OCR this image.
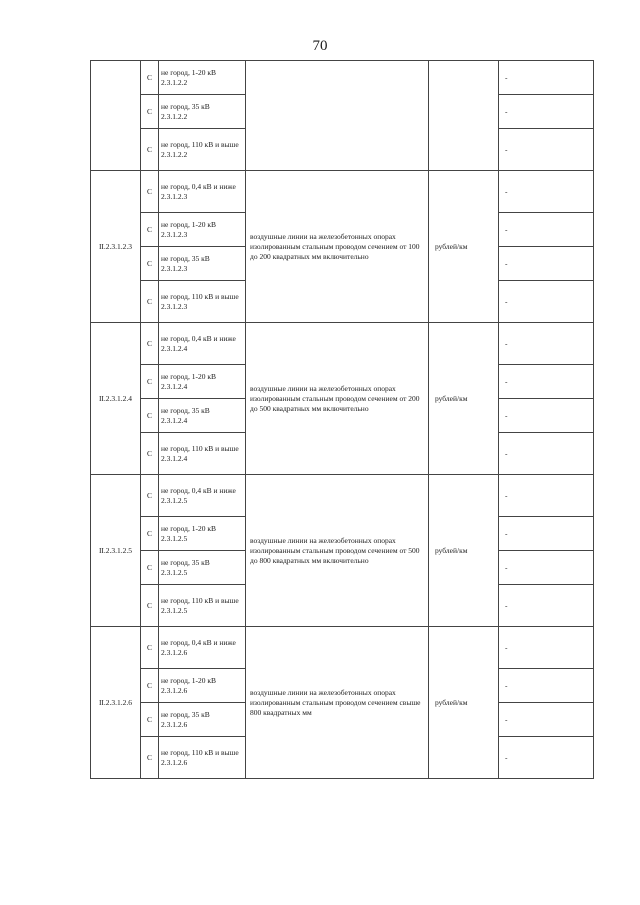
70
	С	не город, 1-20 кВ
2.3.1.2.2			-
	С	не город, 35 кВ
2.3.1.2.2			-
	С	не город, 110 кВ и выше
2.3.1.2.2			-
II.2.3.1.2.3	С	не город, 0,4 кВ и ниже
2.3.1.2.3	воздушные линии на железобетонных опорах изолированным стальным проводом сечением от 100 до 200 квадратных мм включительно	рублей/км	-
	С	не город, 1-20 кВ
2.3.1.2.3			-
	С	не город, 35 кВ
2.3.1.2.3			-
	С	не город, 110 кВ и выше
2.3.1.2.3			-
II.2.3.1.2.4	С	не город, 0,4 кВ и ниже
2.3.1.2.4	воздушные линии на железобетонных опорах изолированным стальным проводом сечением от 200 до 500 квадратных мм включительно	рублей/км	-
	С	не город, 1-20 кВ
2.3.1.2.4			-
	С	не город, 35 кВ
2.3.1.2.4			-
	С	не город, 110 кВ и выше
2.3.1.2.4			-
II.2.3.1.2.5	С	не город, 0,4 кВ и ниже
2.3.1.2.5	воздушные линии на железобетонных опорах изолированным стальным проводом сечением от 500 до 800 квадратных мм включительно	рублей/км	-
	С	не город, 1-20 кВ
2.3.1.2.5			-
	С	не город, 35 кВ
2.3.1.2.5			-
	С	не город, 110 кВ и выше
2.3.1.2.5			-
II.2.3.1.2.6	С	не город, 0,4 кВ и ниже
2.3.1.2.6	воздушные линии на железобетонных опорах изолированным стальным проводом сечением свыше 800 квадратных мм	рублей/км	-
	С	не город, 1-20 кВ
2.3.1.2.6			-
	С	не город, 35 кВ
2.3.1.2.6			-
	С	не город, 110 кВ и выше
2.3.1.2.6			-
